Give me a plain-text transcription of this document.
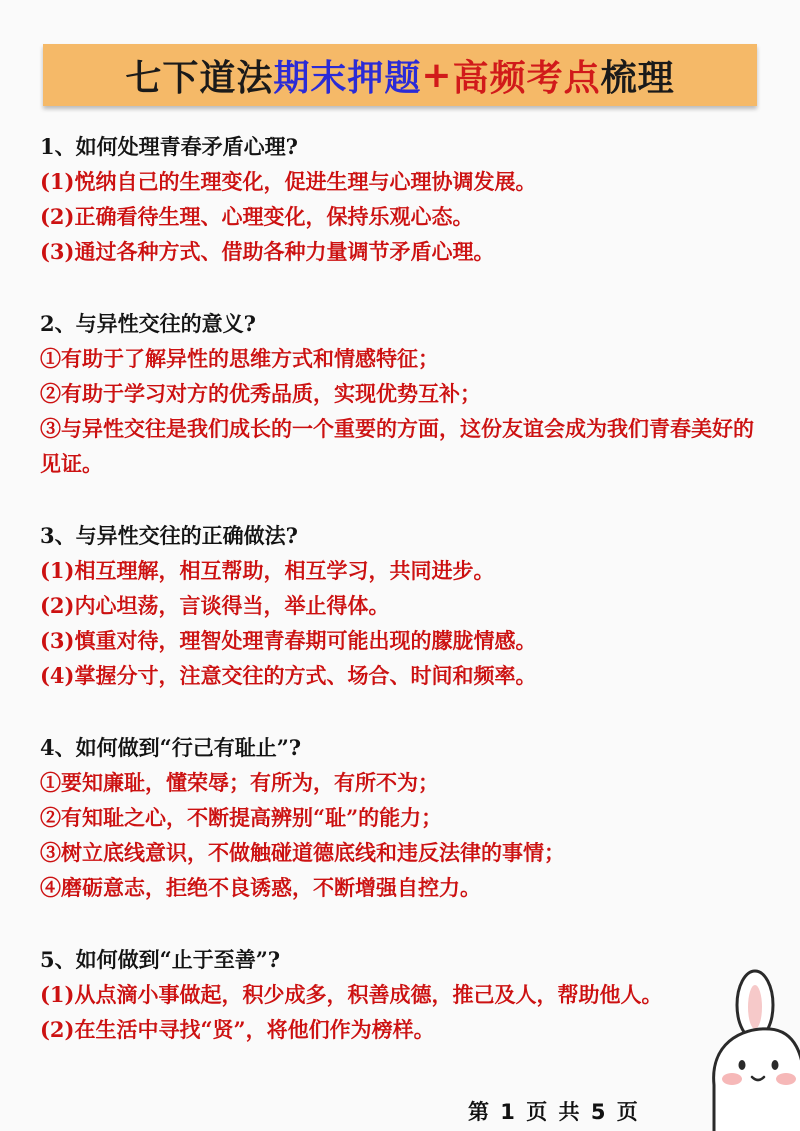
七下道法 期末押题 + 高频考点 梳理
1、如何处理青春矛盾心理?
(1)悦纳自己的生理变化，促进生理与心理协调发展。
(2)正确看待生理、心理变化，保持乐观心态。
(3)通过各种方式、借助各种力量调节矛盾心理。
2、与异性交往的意义?
①有助于了解异性的思维方式和情感特征；
②有助于学习对方的优秀品质，实现优势互补；
③与异性交往是我们成长的一个重要的方面，这份友谊会成为我们青春美好的见证。
3、与异性交往的正确做法?
(1)相互理解，相互帮助，相互学习，共同进步。
(2)内心坦荡，言谈得当，举止得体。
(3)慎重对待，理智处理青春期可能出现的朦胧情感。
(4)掌握分寸，注意交往的方式、场合、时间和频率。
4、如何做到“行己有耻止”?
①要知廉耻，懂荣辱；有所为，有所不为；
②有知耻之心，不断提高辨别“耻”的能力；
③树立底线意识，不做触碰道德底线和违反法律的事情；
④磨砺意志，拒绝不良诱惑，不断增强自控力。
5、如何做到“止于至善”?
(1)从点滴小事做起，积少成多，积善成德，推己及人，帮助他人。
(2)在生活中寻找“贤”，将他们作为榜样。
第 1 页 共 5 页
